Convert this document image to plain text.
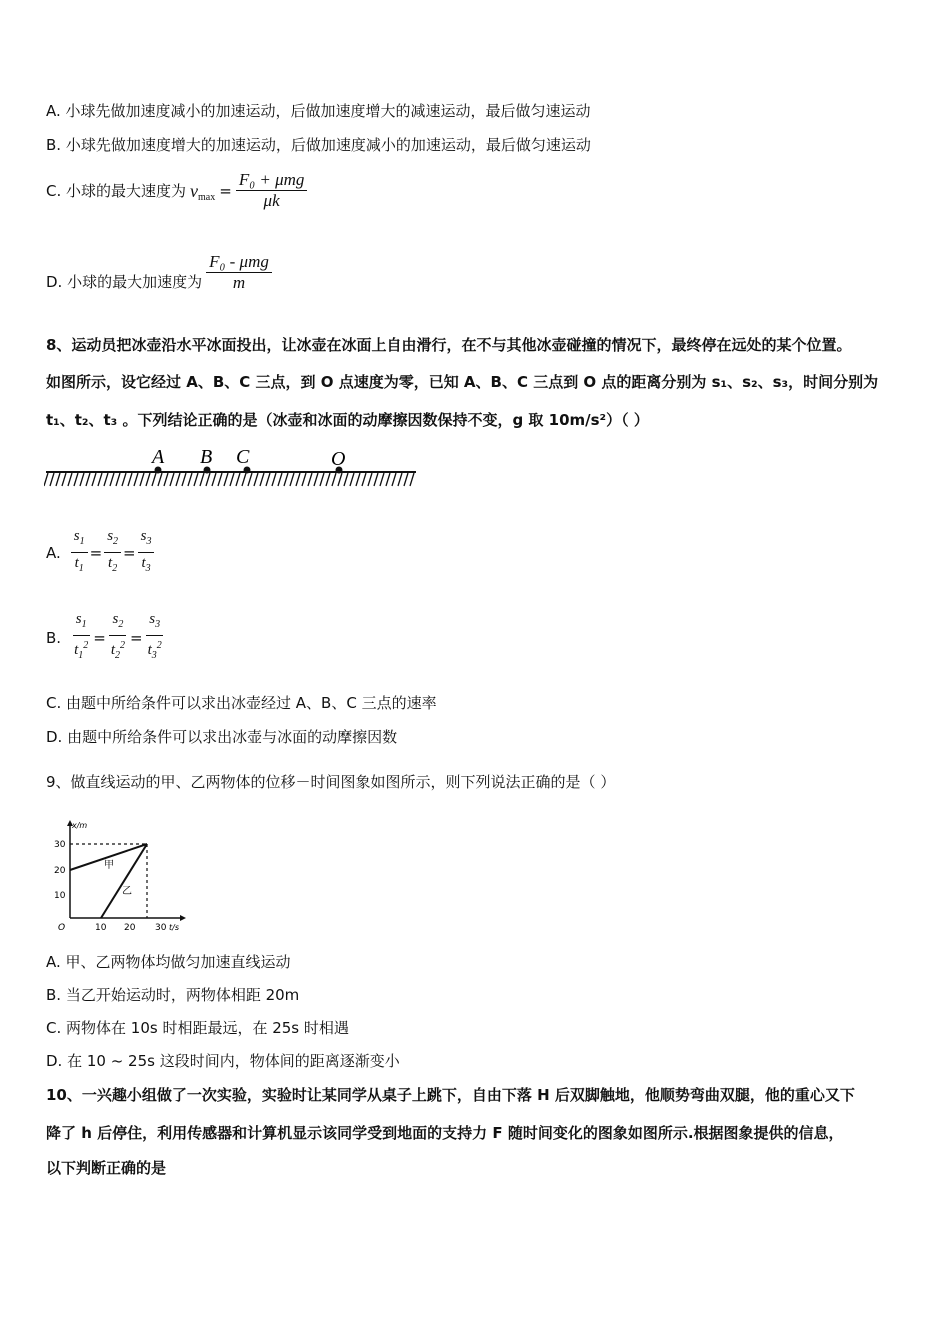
A. 小球先做加速度减小的加速运动，后做加速度增大的减速运动，最后做匀速运动
B. 小球先做加速度增大的加速运动，后做加速度减小的加速运动，最后做匀速运动
C. 小球的最大速度为 $v_{max} = \frac{\text{F₀ + μmg}}{\mu k}$
D. 小球的最大加速度为 $\frac{\text{F₀ - μmg}}{m}$
8、运动员把冰壶沿水平冰面投出，让冰壶在冰面上自由滑行，在不与其他冰壶碰撞的情况下，最终停在远处的某个位置。
如图所示，设它经过 A、B、C 三点，到 O 点速度为零，已知 A、B、C 三点到 O 点的距离分别为 s₁、s₂、s₃，时间分别为
t₁、t₂、t₃ 。下列结论正确的是（冰壶和冰面的动摩擦因数保持不变，g 取 10m/s²）（ ）
A B C	O
A. $\frac{s_1}{t_1} = \frac{s_2}{t_2} = \frac{s_3}{t_3}$
B. $\frac{s_1}{t_1^2} = \frac{s_2}{t_2^2} = \frac{s_3}{t_3^2}$
C. 由题中所给条件可以求出冰壶经过 A、B、C 三点的速率
D. 由题中所给条件可以求出冰壶与冰面的动摩擦因数
9、做直线运动的甲、乙两物体的位移－时间图象如图所示，则下列说法正确的是（ ）
10
20
30
10 20 30
O
x/m
t/s
甲
乙
A. 甲、乙两物体均做匀加速直线运动
B. 当乙开始运动时，两物体相距 20m
C. 两物体在 10s 时相距最远，在 25s 时相遇
D. 在 10 ~ 25s 这段时间内，物体间的距离逐渐变小
10、一兴趣小组做了一次实验，实验时让某同学从桌子上跳下，自由下落 H 后双脚触地，他顺势弯曲双腿，他的重心又下
降了 h 后停住，利用传感器和计算机显示该同学受到地面的支持力 F 随时间变化的图象如图所示.根据图象提供的信息，
以下判断正确的是
